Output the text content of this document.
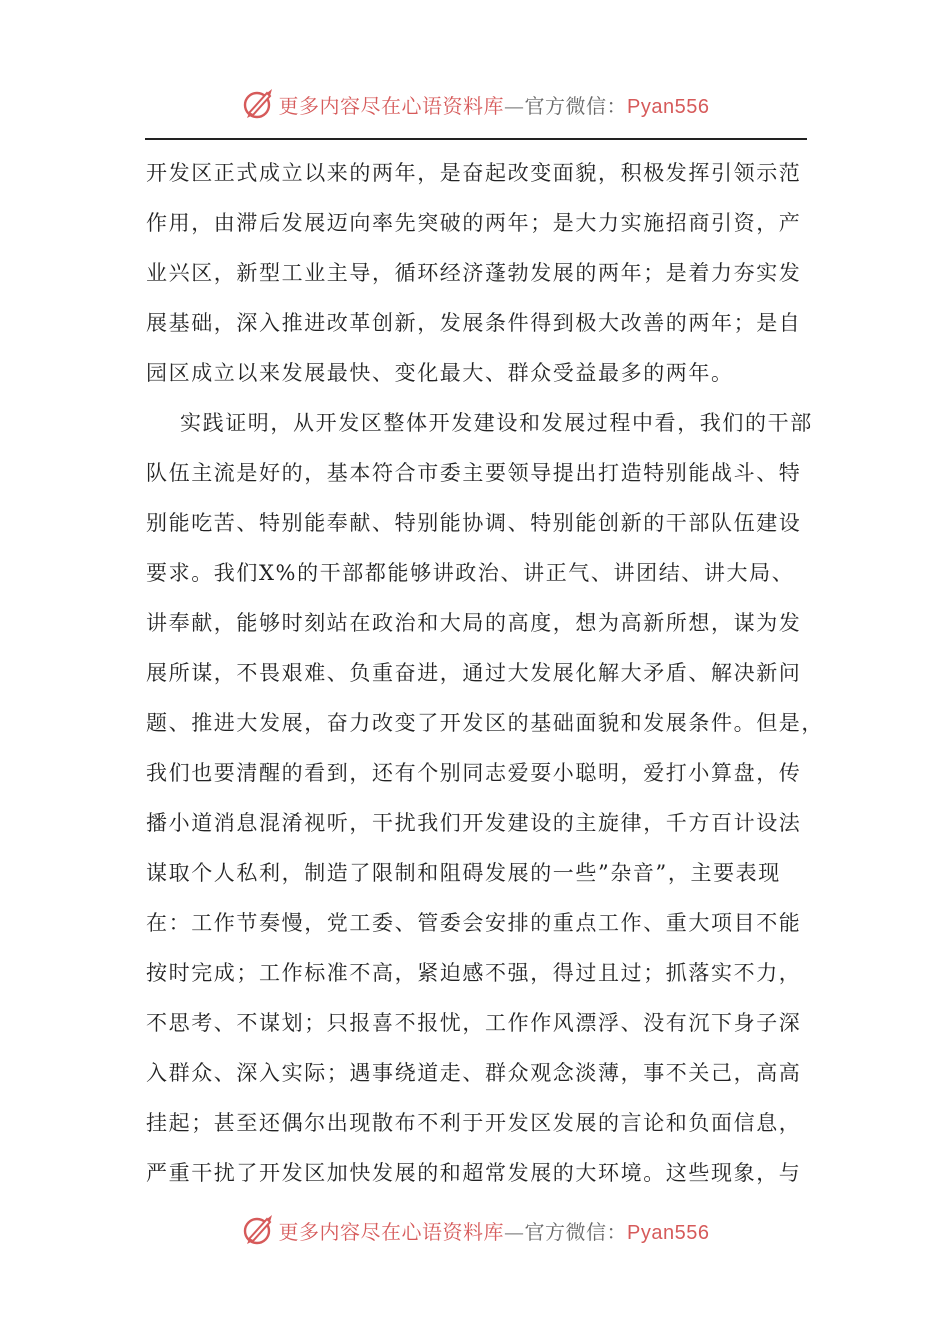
更多内容尽在心语资料库—官方微信：Pyan556
开发区正式成立以来的两年，是奋起改变面貌，积极发挥引领示范
作用，由滞后发展迈向率先突破的两年；是大力实施招商引资，产
业兴区，新型工业主导，循环经济蓬勃发展的两年；是着力夯实发
展基础，深入推进改革创新，发展条件得到极大改善的两年；是自
园区成立以来发展最快、变化最大、群众受益最多的两年。
实践证明，从开发区整体开发建设和发展过程中看，我们的干部
队伍主流是好的，基本符合市委主要领导提出打造特别能战斗、特
别能吃苦、特别能奉献、特别能协调、特别能创新的干部队伍建设
要求。我们X%的干部都能够讲政治、讲正气、讲团结、讲大局、
讲奉献，能够时刻站在政治和大局的高度，想为高新所想，谋为发
展所谋，不畏艰难、负重奋进，通过大发展化解大矛盾、解决新问
题、推进大发展，奋力改变了开发区的基础面貌和发展条件。但是，
我们也要清醒的看到，还有个别同志爱耍小聪明，爱打小算盘，传
播小道消息混淆视听，干扰我们开发建设的主旋律，千方百计设法
谋取个人私利，制造了限制和阻碍发展的一些”杂音”，主要表现
在：工作节奏慢，党工委、管委会安排的重点工作、重大项目不能
按时完成；工作标准不高，紧迫感不强，得过且过；抓落实不力，
不思考、不谋划；只报喜不报忧，工作作风漂浮、没有沉下身子深
入群众、深入实际；遇事绕道走、群众观念淡薄，事不关己，高高
挂起；甚至还偶尔出现散布不利于开发区发展的言论和负面信息，
严重干扰了开发区加快发展的和超常发展的大环境。这些现象，与
更多内容尽在心语资料库—官方微信：Pyan556
